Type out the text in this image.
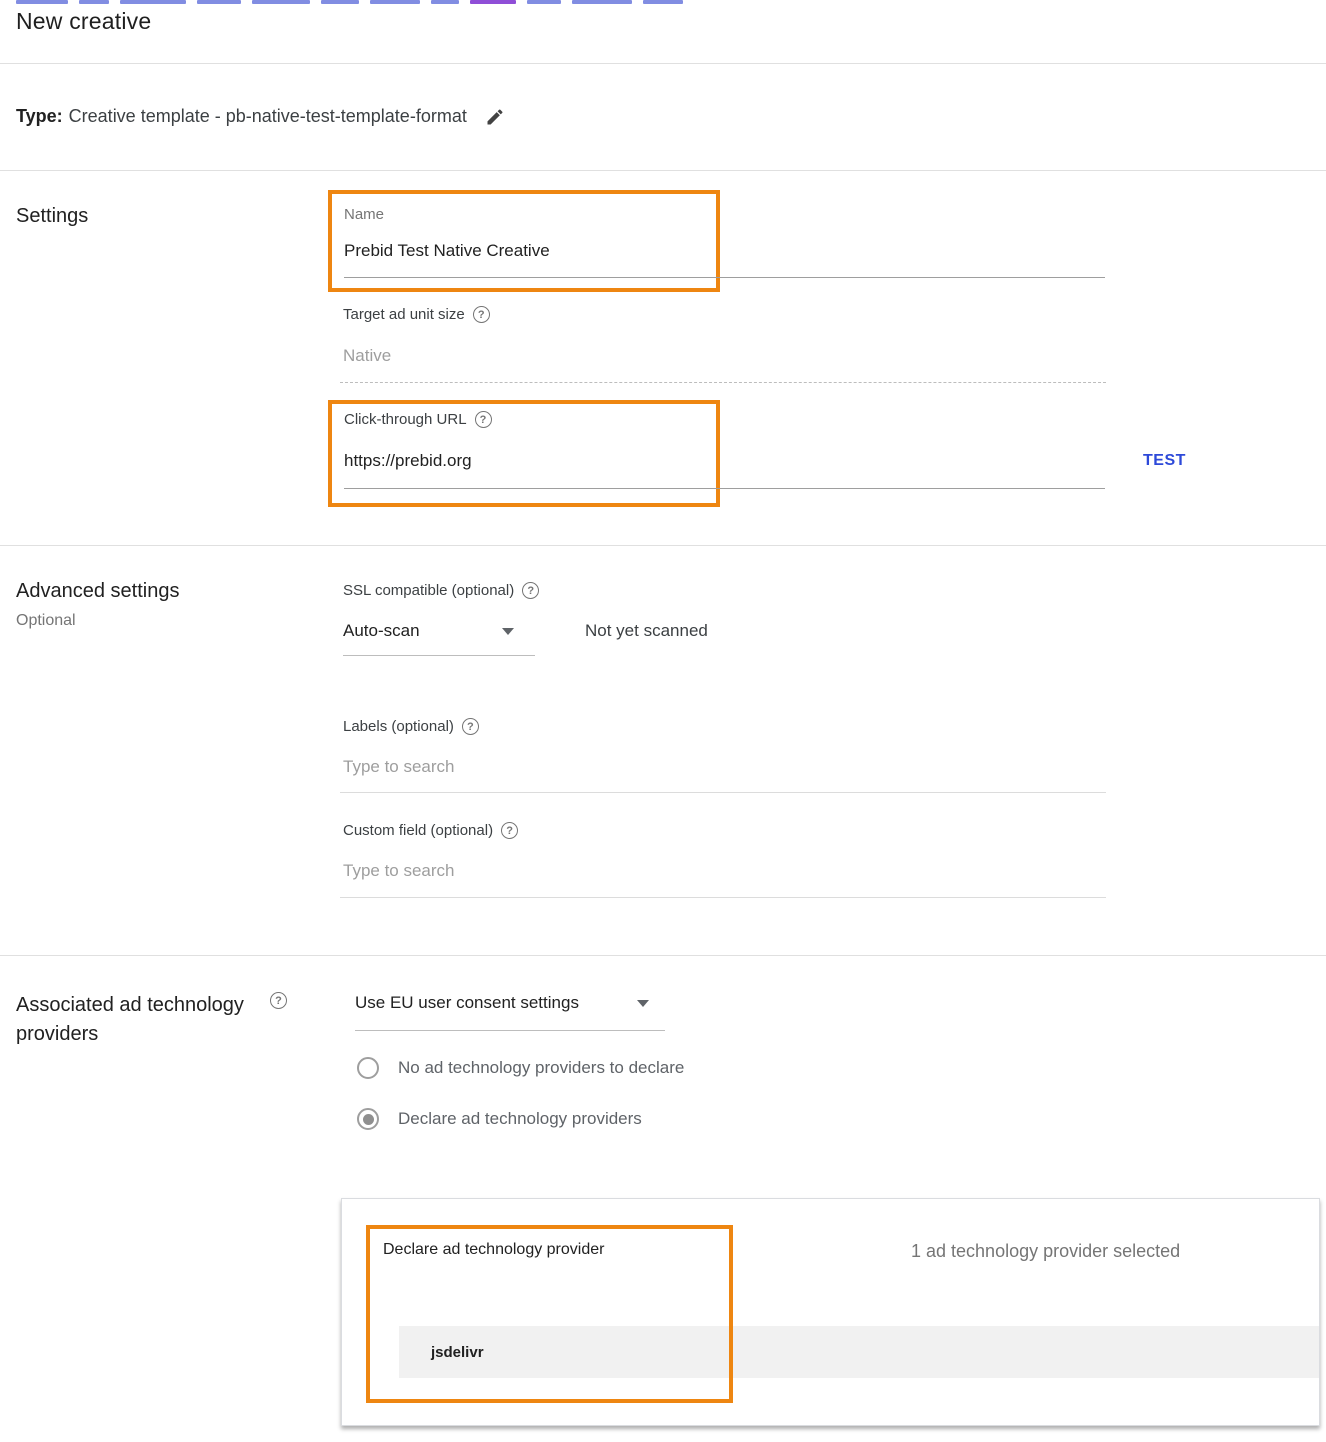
New creative
Type: Creative template - pb-native-test-template-format
Settings	Name
Prebid Test Native Creative
Target ad unit size	?
Native
Click-through URL	?
https://prebid.org	TEST
Advanced settings
Optional
SSL compatible (optional)	?
Auto-scan	Not yet scanned
Labels (optional)	?
Type to search
Custom field (optional)	?
Type to search
Associated ad technology providers
?	Use EU user consent settings
No ad technology providers to declare
Declare ad technology providers
Declare ad technology provider	1 ad technology provider selected
jsdelivr
